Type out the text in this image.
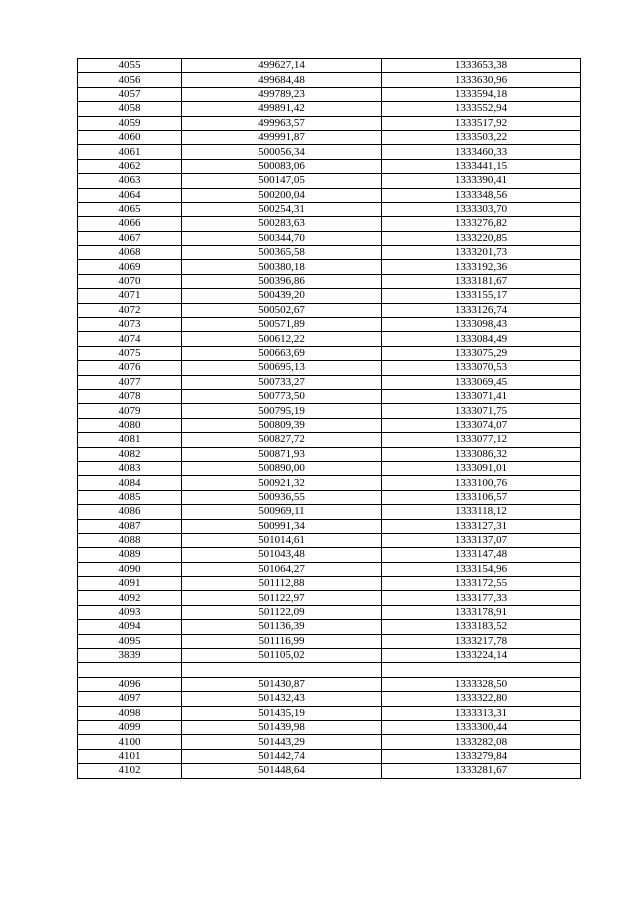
4055	499627,14	1333653,38
4056	499684,48	1333630,96
4057	499789,23	1333594,18
4058	499891,42	1333552,94
4059	499963,57	1333517,92
4060	499991,87	1333503,22
4061	500056,34	1333460,33
4062	500083,06	1333441,15
4063	500147,05	1333390,41
4064	500200,04	1333348,56
4065	500254,31	1333303,70
4066	500283,63	1333276,82
4067	500344,70	1333220,85
4068	500365,58	1333201,73
4069	500380,18	1333192,36
4070	500396,86	1333181,67
4071	500439,20	1333155,17
4072	500502,67	1333126,74
4073	500571,89	1333098,43
4074	500612,22	1333084,49
4075	500663,69	1333075,29
4076	500695,13	1333070,53
4077	500733,27	1333069,45
4078	500773,50	1333071,41
4079	500795,19	1333071,75
4080	500809,39	1333074,07
4081	500827,72	1333077,12
4082	500871,93	1333086,32
4083	500890,00	1333091,01
4084	500921,32	1333100,76
4085	500936,55	1333106,57
4086	500969,11	1333118,12
4087	500991,34	1333127,31
4088	501014,61	1333137,07
4089	501043,48	1333147,48
4090	501064,27	1333154,96
4091	501112,88	1333172,55
4092	501122,97	1333177,33
4093	501122,09	1333178,91
4094	501136,39	1333183,52
4095	501116,99	1333217,78
3839	501105,02	1333224,14

4096	501430,87	1333328,50
4097	501432,43	1333322,80
4098	501435,19	1333313,31
4099	501439,98	1333300,44
4100	501443,29	1333282,08
4101	501442,74	1333279,84
4102	501448,64	1333281,67
